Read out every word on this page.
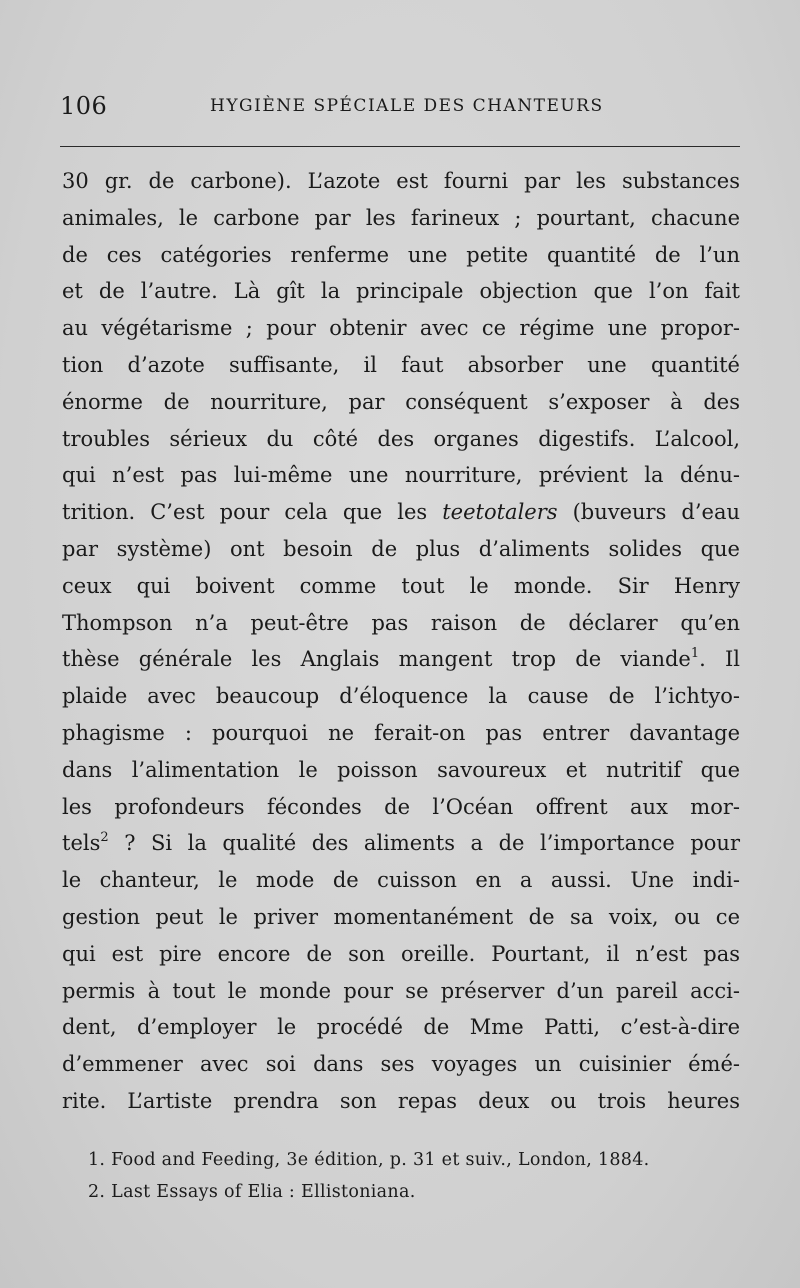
106	HYGIÈNE SPÉCIALE DES CHANTEURS
30 gr. de carbone). L’azote est fourni par les substances
animales, le carbone par les farineux ; pourtant, chacune
de ces catégories renferme une petite quantité de l’un
et de l’autre. Là gît la principale objection que l’on fait
au végétarisme ; pour obtenir avec ce régime une propor-
tion d’azote suffisante, il faut absorber une quantité
énorme de nourriture, par conséquent s’exposer à des
troubles sérieux du côté des organes digestifs. L’alcool,
qui n’est pas lui-même une nourriture, prévient la dénu-
trition. C’est pour cela que les teetotalers (buveurs d’eau
par système) ont besoin de plus d’aliments solides que
ceux qui boivent comme tout le monde. Sir Henry
Thompson n’a peut-être pas raison de déclarer qu’en
thèse générale les Anglais mangent trop de viande$^1$. Il
plaide avec beaucoup d’éloquence la cause de l’ichtyo-
phagisme : pourquoi ne ferait-on pas entrer davantage
dans l’alimentation le poisson savoureux et nutritif que
les profondeurs fécondes de l’Océan offrent aux mor-
tels$^2$ ? Si la qualité des aliments a de l’importance pour
le chanteur, le mode de cuisson en a aussi. Une indi-
gestion peut le priver momentanément de sa voix, ou ce
qui est pire encore de son oreille. Pourtant, il n’est pas
permis à tout le monde pour se préserver d’un pareil acci-
dent, d’employer le procédé de Mme Patti, c’est-à-dire
d’emmener avec soi dans ses voyages un cuisinier émé-
rite. L’artiste prendra son repas deux ou trois heures
1. Food and Feeding, 3e édition, p. 31 et suiv., London, 1884.
2. Last Essays of Elia : Ellistoniana.
